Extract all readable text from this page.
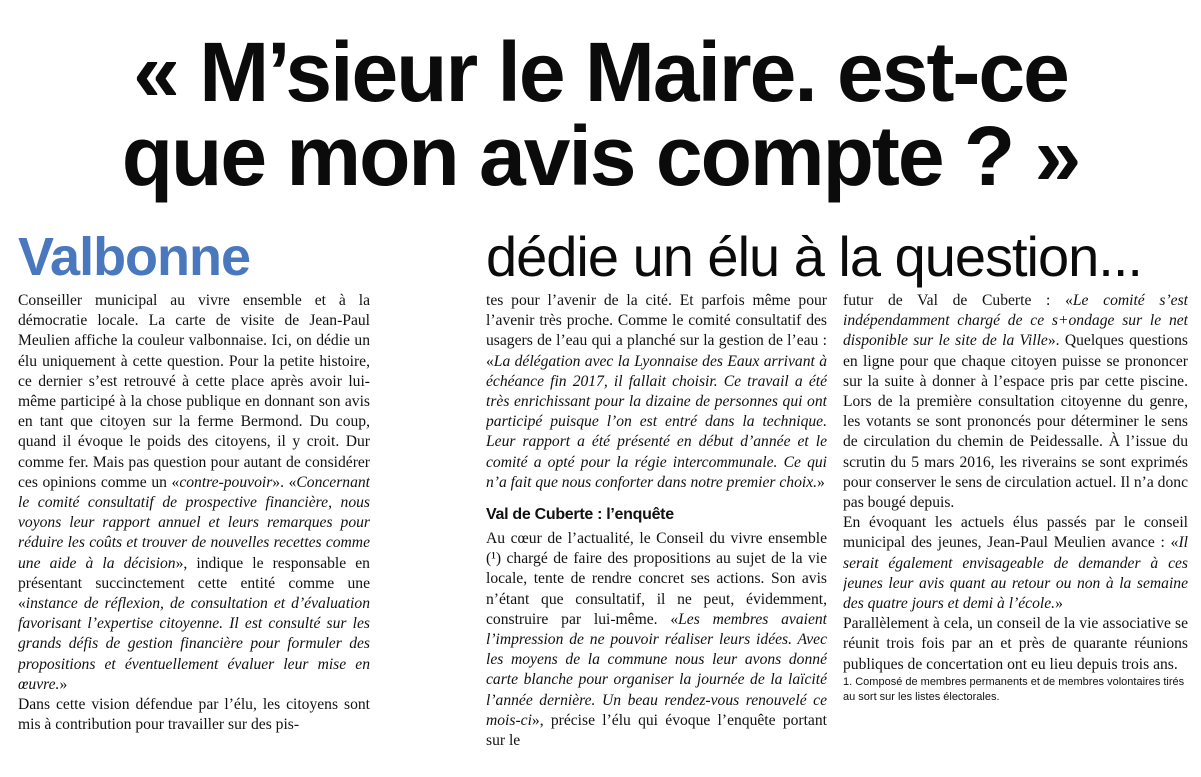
« M’sieur le Maire. est-ce
que mon avis compte ? »
Valbonne	dédie un élu à la question...

Conseiller municipal au vivre ensemble et à la démocratie locale. La carte de visite de Jean-Paul Meulien affiche la couleur valbonnaise. Ici, on dédie un élu uniquement à cette question. Pour la petite histoire, ce dernier s’est retrouvé à cette place après avoir lui-même participé à la chose publique en donnant son avis en tant que citoyen sur la ferme Bermond. Du coup, quand il évoque le poids des citoyens, il y croit. Dur comme fer. Mais pas question pour autant de considérer ces opinions comme un «contre-pouvoir». «Concernant le comité consultatif de prospective financière, nous voyons leur rapport annuel et leurs remarques pour réduire les coûts et trouver de nouvelles recettes comme une aide à la décision», indique le responsable en présentant succinctement cette entité comme une «instance de réflexion, de consultation et d’évaluation favorisant l’expertise citoyenne. Il est consulté sur les grands défis de gestion financière pour formuler des propositions et éventuellement évaluer leur mise en œuvre.»

Dans cette vision défendue par l’élu, les citoyens sont mis à contribution pour travailler sur des pis-

tes pour l’avenir de la cité. Et parfois même pour l’avenir très proche. Comme le comité consultatif des usagers de l’eau qui a planché sur la gestion de l’eau : «La délégation avec la Lyonnaise des Eaux arrivant à échéance fin 2017, il fallait choisir. Ce travail a été très enrichissant pour la dizaine de personnes qui ont participé puisque l’on est entré dans la technique. Leur rapport a été présenté en début d’année et le comité a opté pour la régie intercommunale. Ce qui n’a fait que nous conforter dans notre premier choix.»

Val de Cuberte : l’enquête

Au cœur de l’actualité, le Conseil du vivre ensemble (¹) chargé de faire des propositions au sujet de la vie locale, tente de rendre concret ses actions. Son avis n’étant que consultatif, il ne peut, évidemment, construire par lui-même. «Les membres avaient l’impression de ne pouvoir réaliser leurs idées. Avec les moyens de la commune nous leur avons donné carte blanche pour organiser la journée de la laïcité l’année dernière. Un beau rendez-vous renouvelé ce mois-ci», précise l’élu qui évoque l’enquête portant sur le

futur de Val de Cuberte : «Le comité s’est indépendamment chargé de ce s+ondage sur le net disponible sur le site de la Ville». Quelques questions en ligne pour que chaque citoyen puisse se prononcer sur la suite à donner à l’espace pris par cette piscine. Lors de la première consultation citoyenne du genre, les votants se sont prononcés pour déterminer le sens de circulation du chemin de Peidessalle. À l’issue du scrutin du 5 mars 2016, les riverains se sont exprimés pour conserver le sens de circulation actuel. Il n’a donc pas bougé depuis.

En évoquant les actuels élus passés par le conseil municipal des jeunes, Jean-Paul Meulien avance : «Il serait également envisageable de demander à ces jeunes leur avis quant au retour ou non à la semaine des quatre jours et demi à l’école.»

Parallèlement à cela, un conseil de la vie associative se réunit trois fois par an et près de quarante réunions publiques de concertation ont eu lieu depuis trois ans.

1. Composé de membres permanents et de membres volontaires tirés au sort sur les listes électorales.
